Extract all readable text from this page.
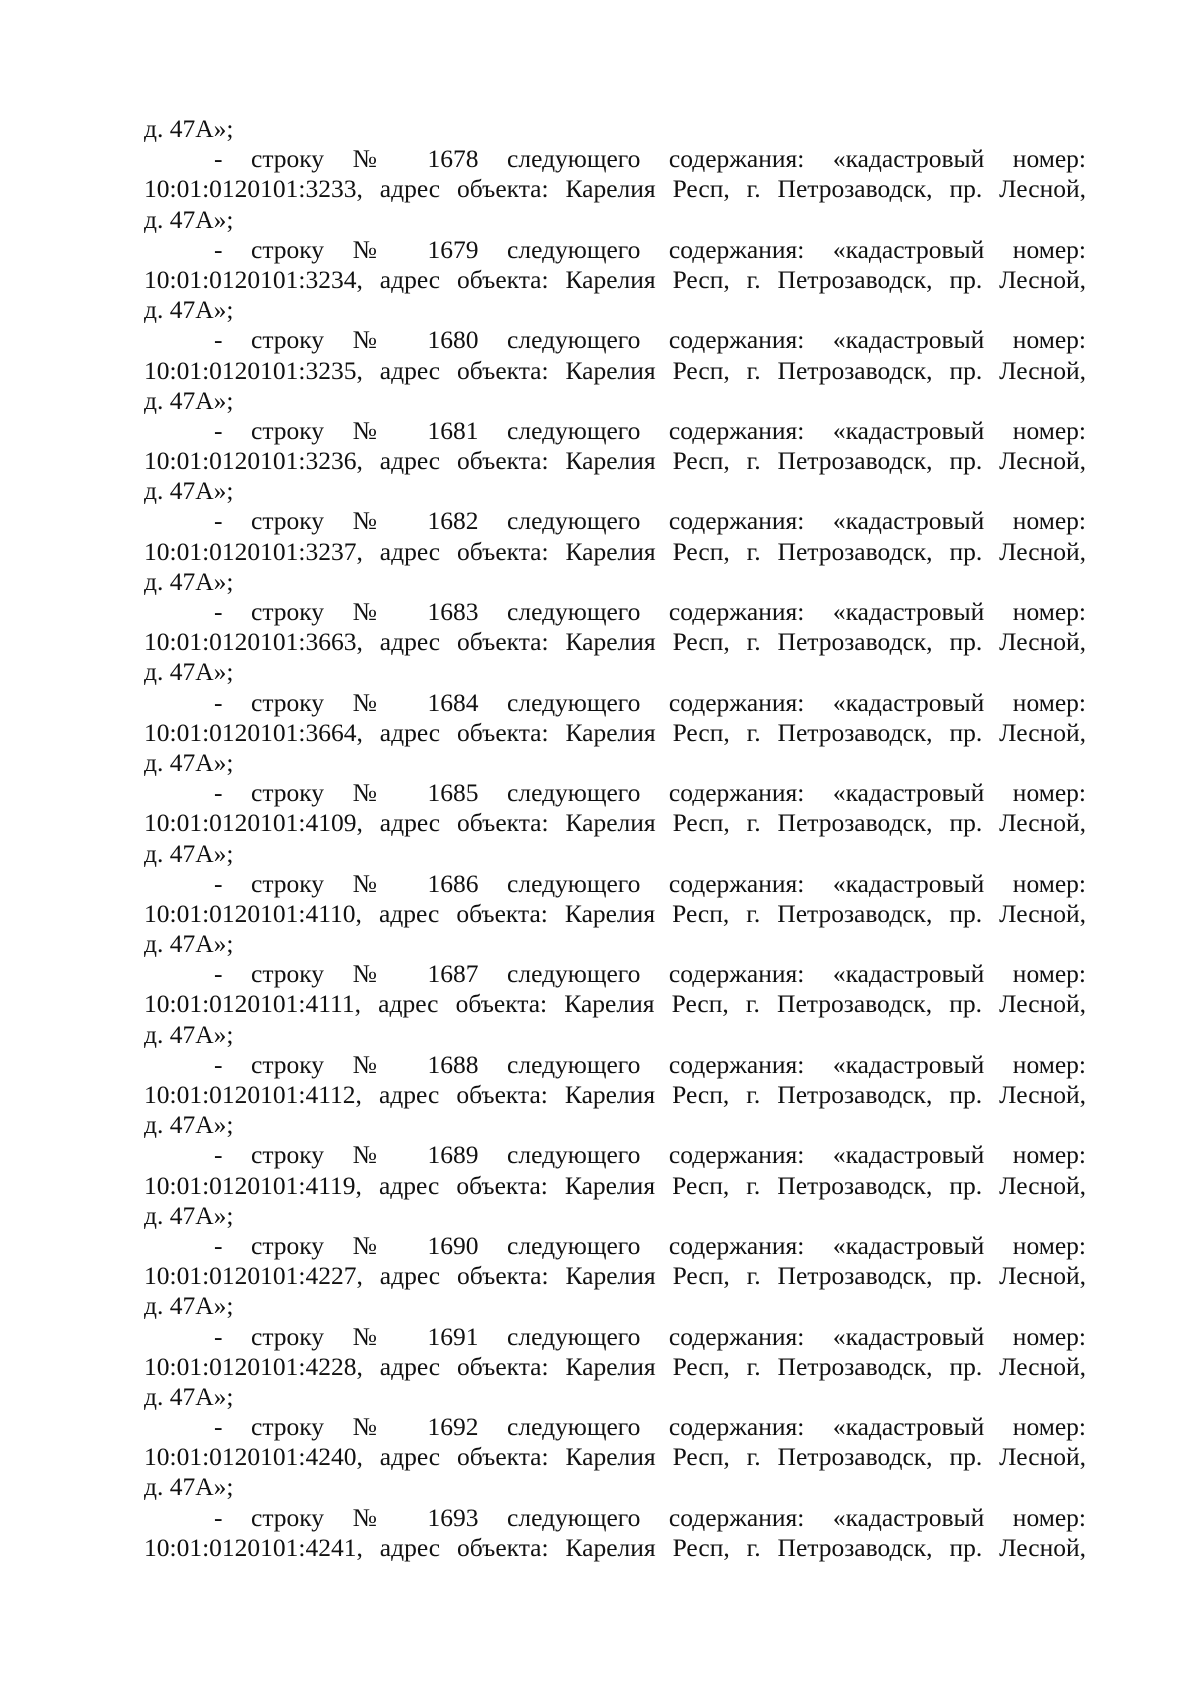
д. 47А»;
- строку № 1678 следующего содержания: «кадастровый номер:
10:01:0120101:3233, адрес объекта: Карелия Респ, г. Петрозаводск, пр. Лесной,
д. 47А»;
- строку № 1679 следующего содержания: «кадастровый номер:
10:01:0120101:3234, адрес объекта: Карелия Респ, г. Петрозаводск, пр. Лесной,
д. 47А»;
- строку № 1680 следующего содержания: «кадастровый номер:
10:01:0120101:3235, адрес объекта: Карелия Респ, г. Петрозаводск, пр. Лесной,
д. 47А»;
- строку № 1681 следующего содержания: «кадастровый номер:
10:01:0120101:3236, адрес объекта: Карелия Респ, г. Петрозаводск, пр. Лесной,
д. 47А»;
- строку № 1682 следующего содержания: «кадастровый номер:
10:01:0120101:3237, адрес объекта: Карелия Респ, г. Петрозаводск, пр. Лесной,
д. 47А»;
- строку № 1683 следующего содержания: «кадастровый номер:
10:01:0120101:3663, адрес объекта: Карелия Респ, г. Петрозаводск, пр. Лесной,
д. 47А»;
- строку № 1684 следующего содержания: «кадастровый номер:
10:01:0120101:3664, адрес объекта: Карелия Респ, г. Петрозаводск, пр. Лесной,
д. 47А»;
- строку № 1685 следующего содержания: «кадастровый номер:
10:01:0120101:4109, адрес объекта: Карелия Респ, г. Петрозаводск, пр. Лесной,
д. 47А»;
- строку № 1686 следующего содержания: «кадастровый номер:
10:01:0120101:4110, адрес объекта: Карелия Респ, г. Петрозаводск, пр. Лесной,
д. 47А»;
- строку № 1687 следующего содержания: «кадастровый номер:
10:01:0120101:4111, адрес объекта: Карелия Респ, г. Петрозаводск, пр. Лесной,
д. 47А»;
- строку № 1688 следующего содержания: «кадастровый номер:
10:01:0120101:4112, адрес объекта: Карелия Респ, г. Петрозаводск, пр. Лесной,
д. 47А»;
- строку № 1689 следующего содержания: «кадастровый номер:
10:01:0120101:4119, адрес объекта: Карелия Респ, г. Петрозаводск, пр. Лесной,
д. 47А»;
- строку № 1690 следующего содержания: «кадастровый номер:
10:01:0120101:4227, адрес объекта: Карелия Респ, г. Петрозаводск, пр. Лесной,
д. 47А»;
- строку № 1691 следующего содержания: «кадастровый номер:
10:01:0120101:4228, адрес объекта: Карелия Респ, г. Петрозаводск, пр. Лесной,
д. 47А»;
- строку № 1692 следующего содержания: «кадастровый номер:
10:01:0120101:4240, адрес объекта: Карелия Респ, г. Петрозаводск, пр. Лесной,
д. 47А»;
- строку № 1693 следующего содержания: «кадастровый номер:
10:01:0120101:4241, адрес объекта: Карелия Респ, г. Петрозаводск, пр. Лесной,
